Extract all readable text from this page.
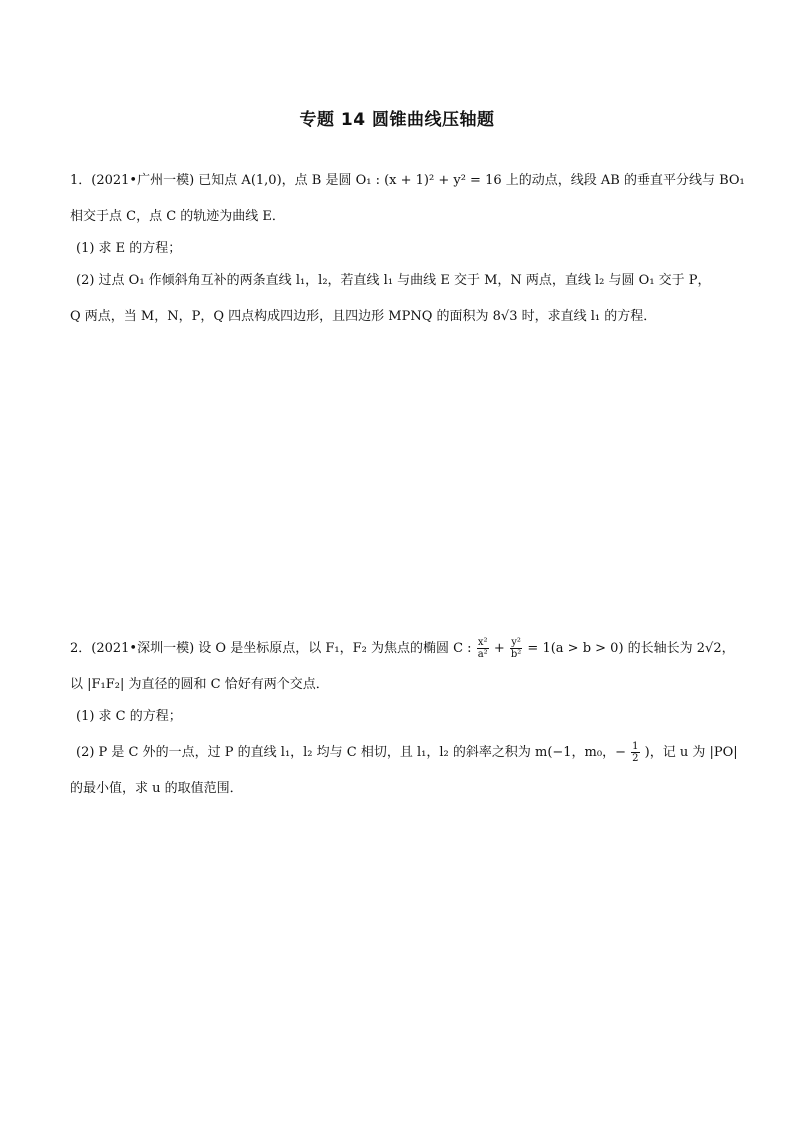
专题 14 圆锥曲线压轴题
1．(2021•广州一模) 已知点 A(1,0)，点 B 是圆 O₁ : (x + 1)² + y² = 16 上的动点，线段 AB 的垂直平分线与 BO₁
相交于点 C，点 C 的轨迹为曲线 E．
(1) 求 E 的方程；
(2) 过点 O₁ 作倾斜角互补的两条直线 l₁，l₂，若直线 l₁ 与曲线 E 交于 M，N 两点，直线 l₂ 与圆 O₁ 交于 P，
Q 两点，当 M，N，P，Q 四点构成四边形，且四边形 MPNQ 的面积为 8√3 时，求直线 l₁ 的方程．
2．(2021•深圳一模) 设 O 是坐标原点，以 F₁，F₂ 为焦点的椭圆 C : $\frac{\text{x²}}{\text{a²}} + \frac{\text{y²}}{\text{b²}} = 1(a > b > 0)$ 的长轴长为 2√2，
以 |F₁F₂| 为直径的圆和 C 恰好有两个交点．
(1) 求 C 的方程；
(2) P 是 C 外的一点，过 P 的直线 l₁，l₂ 均与 C 相切，且 l₁，l₂ 的斜率之积为 m(−1，m₀，− $\frac{1}{2}$ )，记 u 为 |PO|
的最小值，求 u 的取值范围．
